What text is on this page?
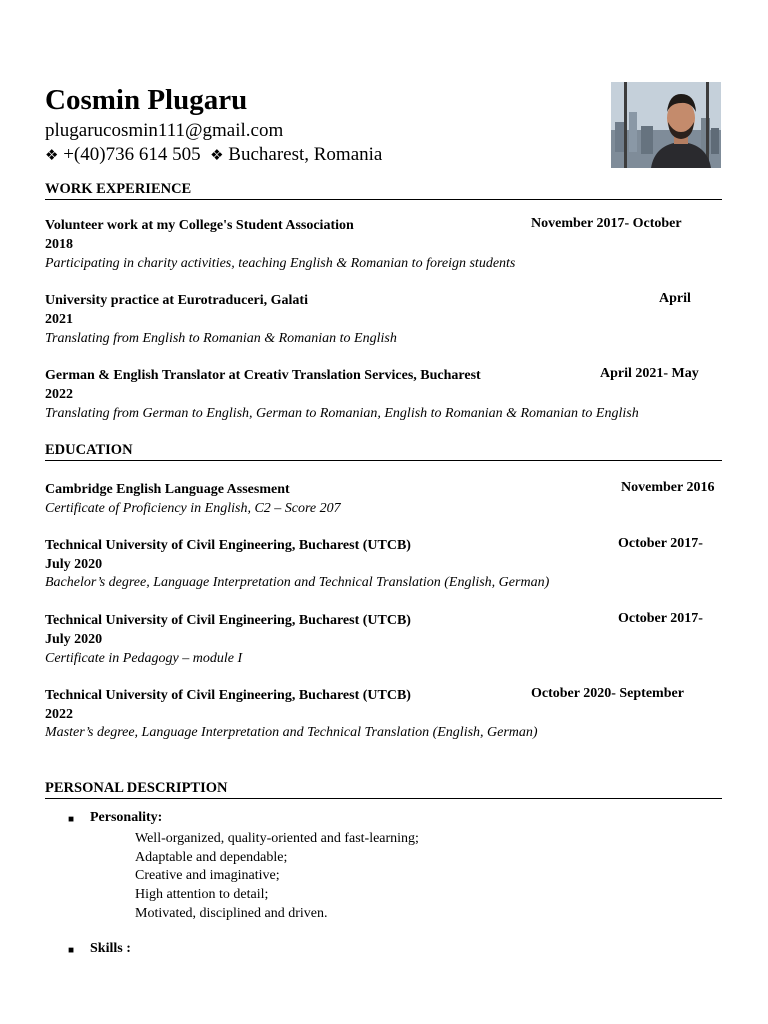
Cosmin Plugaru
plugarucosmin111@gmail.com
❖ +(40)736 614 505 ❖ Bucharest, Romania
WORK EXPERIENCE
Volunteer work at my College's Student Association	November 2017- October
2018
Participating in charity activities, teaching English & Romanian to foreign students
University practice at Eurotraduceri, Galati	April
2021
Translating from English to Romanian & Romanian to English
German & English Translator at Creativ Translation Services, Bucharest	April 2021- May
2022
Translating from German to English, German to Romanian, English to Romanian & Romanian to English
EDUCATION
Cambridge English Language Assesment	November 2016
Certificate of Proficiency in English, C2 – Score 207
Technical University of Civil Engineering, Bucharest (UTCB)	October 2017-
July 2020
Bachelor’s degree, Language Interpretation and Technical Translation (English, German)
Technical University of Civil Engineering, Bucharest (UTCB)	October 2017-
July 2020
Certificate in Pedagogy – module I
Technical University of Civil Engineering, Bucharest (UTCB)	October 2020- September
2022
Master’s degree, Language Interpretation and Technical Translation (English, German)
PERSONAL DESCRIPTION
■ Personality:
Well-organized, quality-oriented and fast-learning;
Adaptable and dependable;
Creative and imaginative;
High attention to detail;
Motivated, disciplined and driven.
■ Skills :
